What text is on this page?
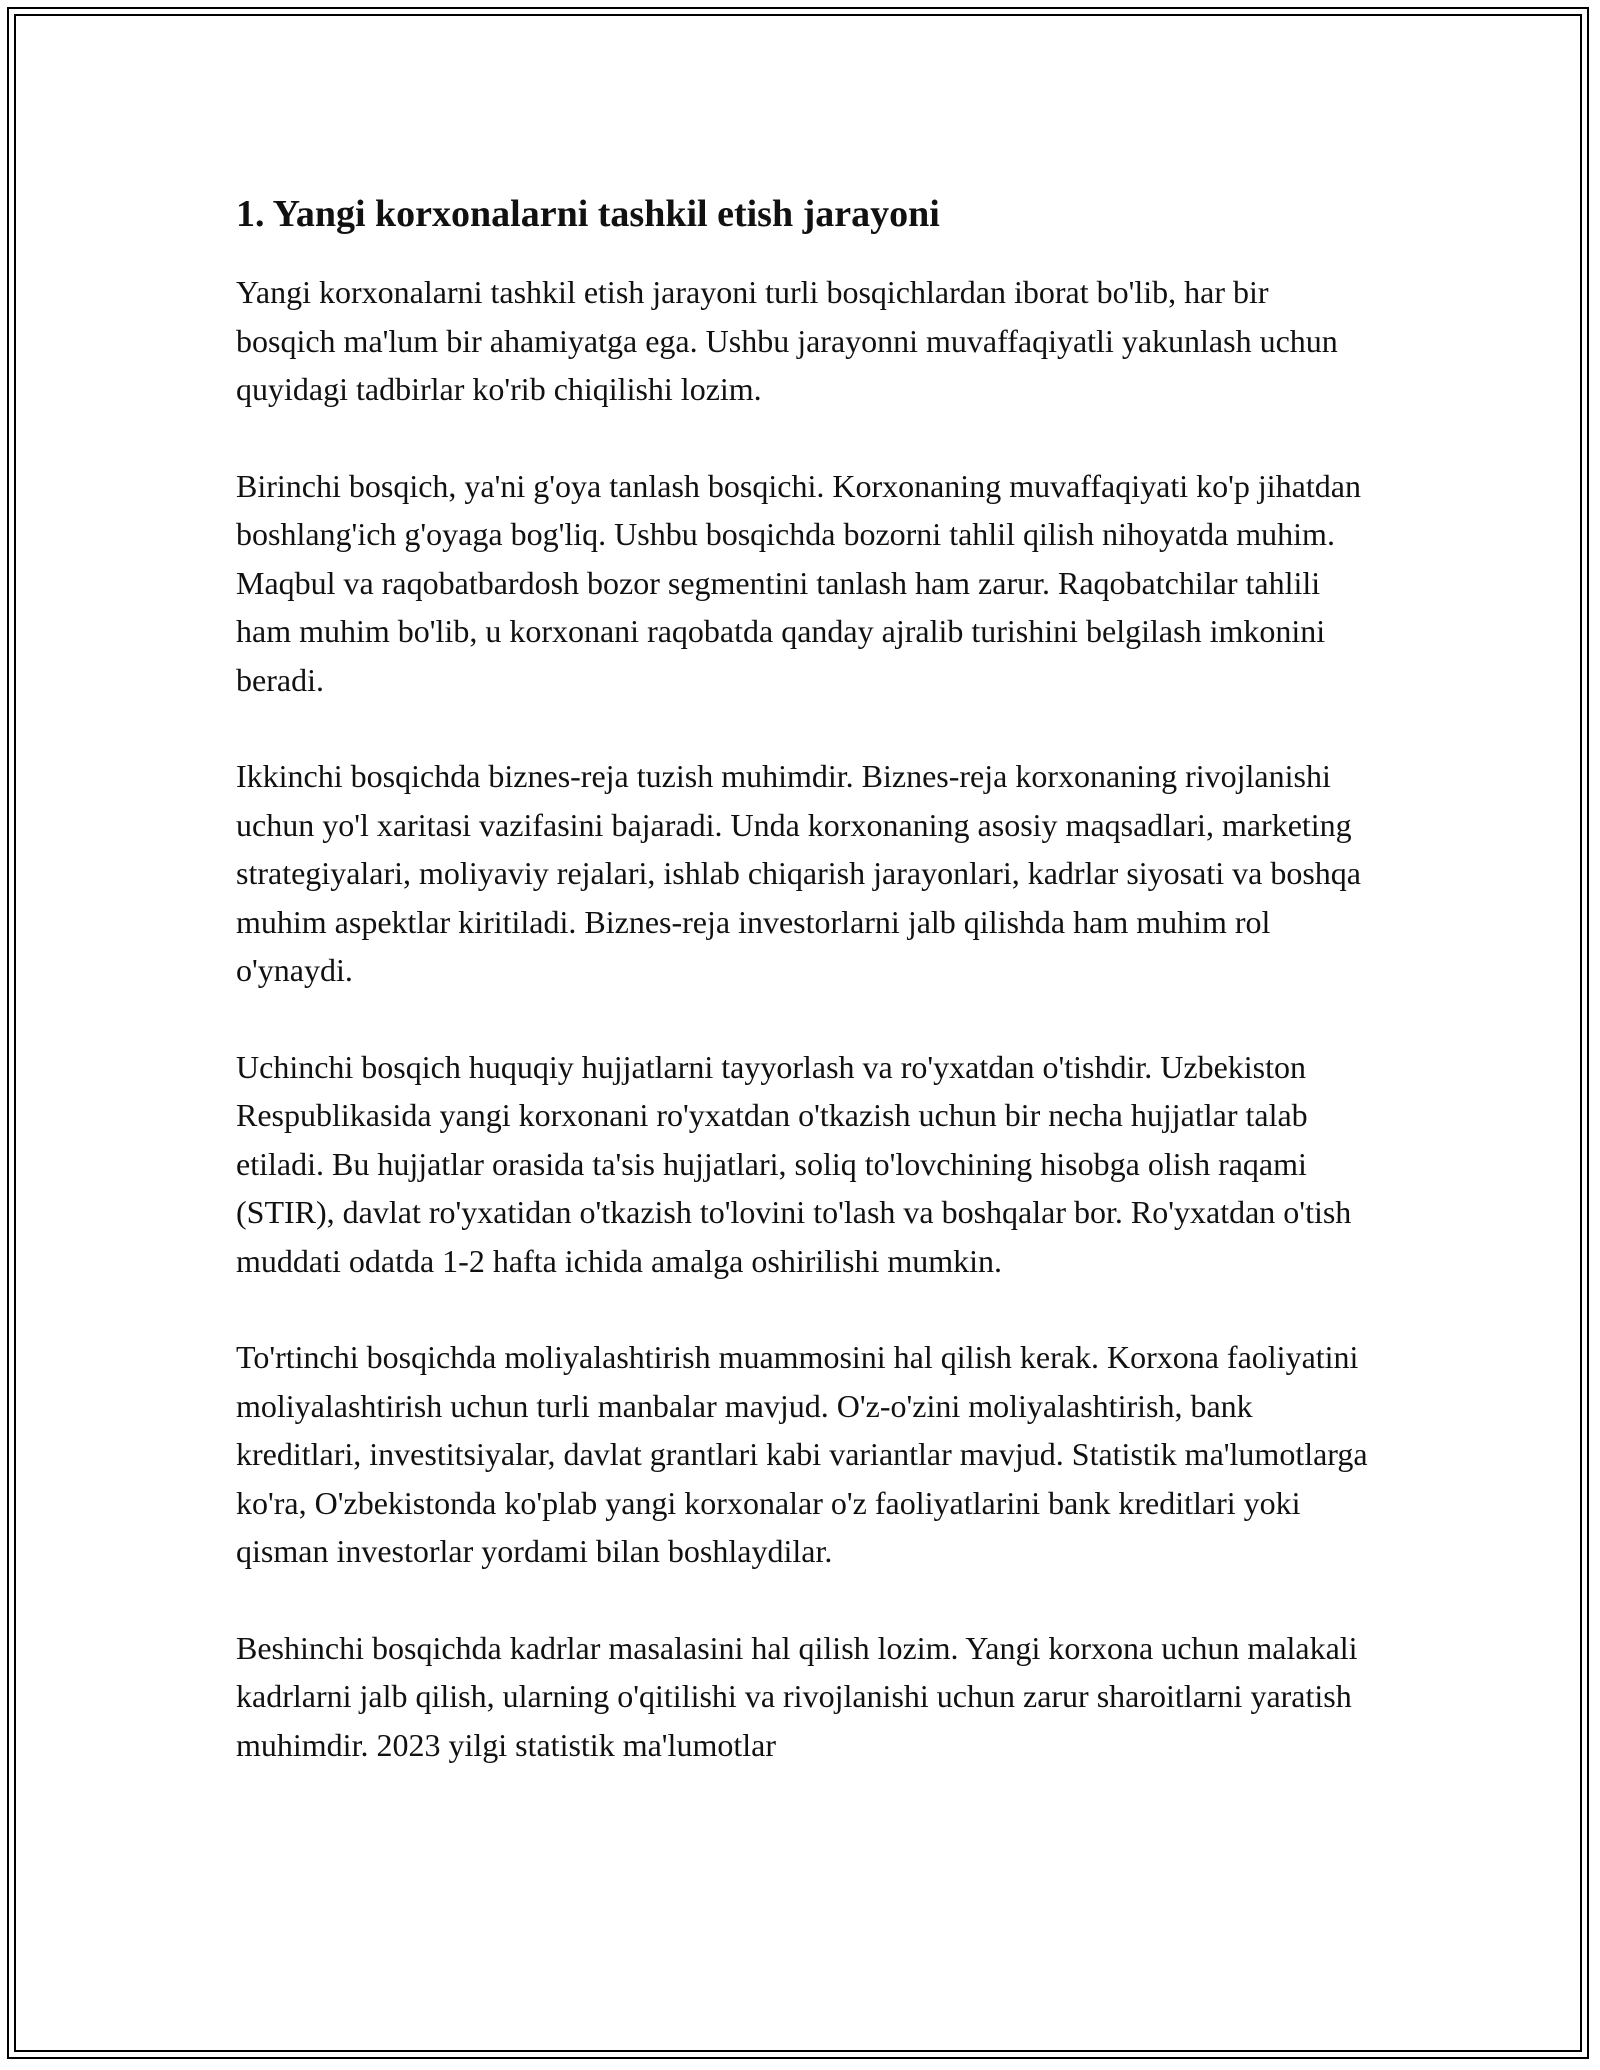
1. Yangi korxonalarni tashkil etish jarayoni

Yangi korxonalarni tashkil etish jarayoni turli bosqichlardan iborat bo'lib, har bir bosqich ma'lum bir ahamiyatga ega. Ushbu jarayonni muvaffaqiyatli yakunlash uchun quyidagi tadbirlar ko'rib chiqilishi lozim.

Birinchi bosqich, ya'ni g'oya tanlash bosqichi. Korxonaning muvaffaqiyati ko'p jihatdan boshlang'ich g'oyaga bog'liq. Ushbu bosqichda bozorni tahlil qilish nihoyatda muhim. Maqbul va raqobatbardosh bozor segmentini tanlash ham zarur. Raqobatchilar tahlili ham muhim bo'lib, u korxonani raqobatda qanday ajralib turishini belgilash imkonini beradi.

Ikkinchi bosqichda biznes-reja tuzish muhimdir. Biznes-reja korxonaning rivojlanishi uchun yo'l xaritasi vazifasini bajaradi. Unda korxonaning asosiy maqsadlari, marketing strategiyalari, moliyaviy rejalari, ishlab chiqarish jarayonlari, kadrlar siyosati va boshqa muhim aspektlar kiritiladi. Biznes-reja investorlarni jalb qilishda ham muhim rol o'ynaydi.

Uchinchi bosqich huquqiy hujjatlarni tayyorlash va ro'yxatdan o'tishdir. Uzbekiston Respublikasida yangi korxonani ro'yxatdan o'tkazish uchun bir necha hujjatlar talab etiladi. Bu hujjatlar orasida ta'sis hujjatlari, soliq to'lovchining hisobga olish raqami (STIR), davlat ro'yxatidan o'tkazish to'lovini to'lash va boshqalar bor. Ro'yxatdan o'tish muddati odatda 1-2 hafta ichida amalga oshirilishi mumkin.

To'rtinchi bosqichda moliyalashtirish muammosini hal qilish kerak. Korxona faoliyatini moliyalashtirish uchun turli manbalar mavjud. O'z-o'zini moliyalashtirish, bank kreditlari, investitsiyalar, davlat grantlari kabi variantlar mavjud. Statistik ma'lumotlarga ko'ra, O'zbekistonda ko'plab yangi korxonalar o'z faoliyatlarini bank kreditlari yoki qisman investorlar yordami bilan boshlaydilar.

Beshinchi bosqichda kadrlar masalasini hal qilish lozim. Yangi korxona uchun malakali kadrlarni jalb qilish, ularning o'qitilishi va rivojlanishi uchun zarur sharoitlarni yaratish muhimdir. 2023 yilgi statistik ma'lumotlar
